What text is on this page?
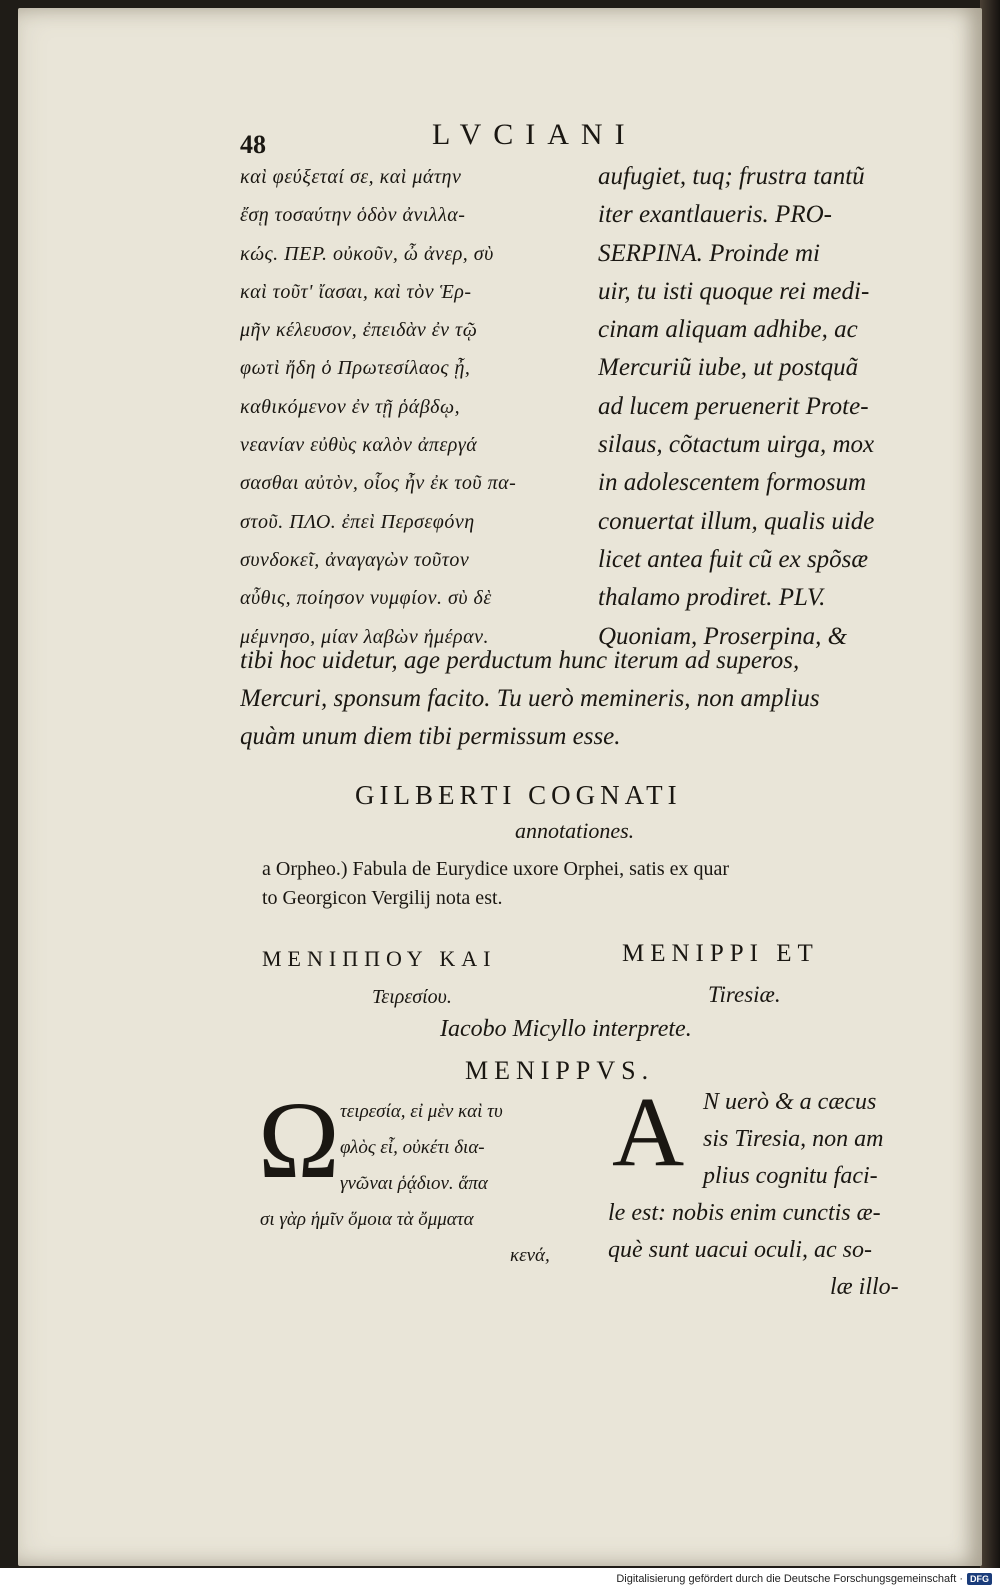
48	LVCIANI
καὶ φεύξεταί σε, καὶ μάτην
ἔσῃ τοσαύτην ὁδὸν ἀνιλλα-
κώς. ΠΕΡ. οὐκοῦν, ὦ ἀνερ, σὺ
καὶ τοῦτ' ἴασαι, καὶ τὸν Ἑρ-
μῆν κέλευσον, ἐπειδὰν ἐν τῷ
φωτὶ ἤδη ὁ Πρωτεσίλαος ᾖ,
καθικόμενον ἐν τῇ ῥάβδῳ,
νεανίαν εὐθὺς καλὸν ἀπεργά
σασθαι αὐτὸν, οἷος ἦν ἐκ τοῦ πα-
στοῦ. ΠΛΟ. ἐπεὶ Περσεφόνη
συνδοκεῖ, ἀναγαγὼν τοῦτον
αὖθις, ποίησον νυμφίον. σὺ δὲ
μέμνησο, μίαν λαβὼν ἡμέραν.
aufugiet, tuq; frustra tantũ
iter exantlaueris. PRO-
SERPINA. Proinde mi
uir, tu isti quoque rei medi-
cinam aliquam adhibe, ac
Mercuriũ iube, ut postquã
ad lucem peruenerit Prote-
silaus, cõtactum uirga, mox
in adolescentem formosum
conuertat illum, qualis uide
licet antea fuit cũ ex spõsæ
thalamo prodiret. PLV.
Quoniam, Proserpina, &
tibi hoc uidetur, age perductum hunc iterum ad superos,
Mercuri, sponsum facito. Tu uerò memineris, non amplius
quàm unum diem tibi permissum esse.
GILBERTI COGNATI
annotationes.
a Orpheo.) Fabula de Eurydice uxore Orphei, satis ex quar
to Georgicon Vergilij nota est.
ΜΕΝΙΠΠΟΥ ΚΑΙ
Τειρεσίου.
MENIPPI ET
Tiresiæ.
Iacobo Micyllo interprete.
MENIPPVS.
Ω τειρεσία, εἰ μὲν καὶ τυ
φλὸς εἶ, οὐκέτι δια-
γνῶναι ῥᾴδιον. ἅπα
σι γὰρ ἡμῖν ὅμοια τὰ ὄμματα
κενά,
A N uerò & a cæcus
sis Tiresia, non am
plius cognitu faci-
le est: nobis enim cunctis æ-
què sunt uacui oculi, ac so-
læ illo-
Digitalisierung gefördert durch die Deutsche Forschungsgemeinschaft · DFG
